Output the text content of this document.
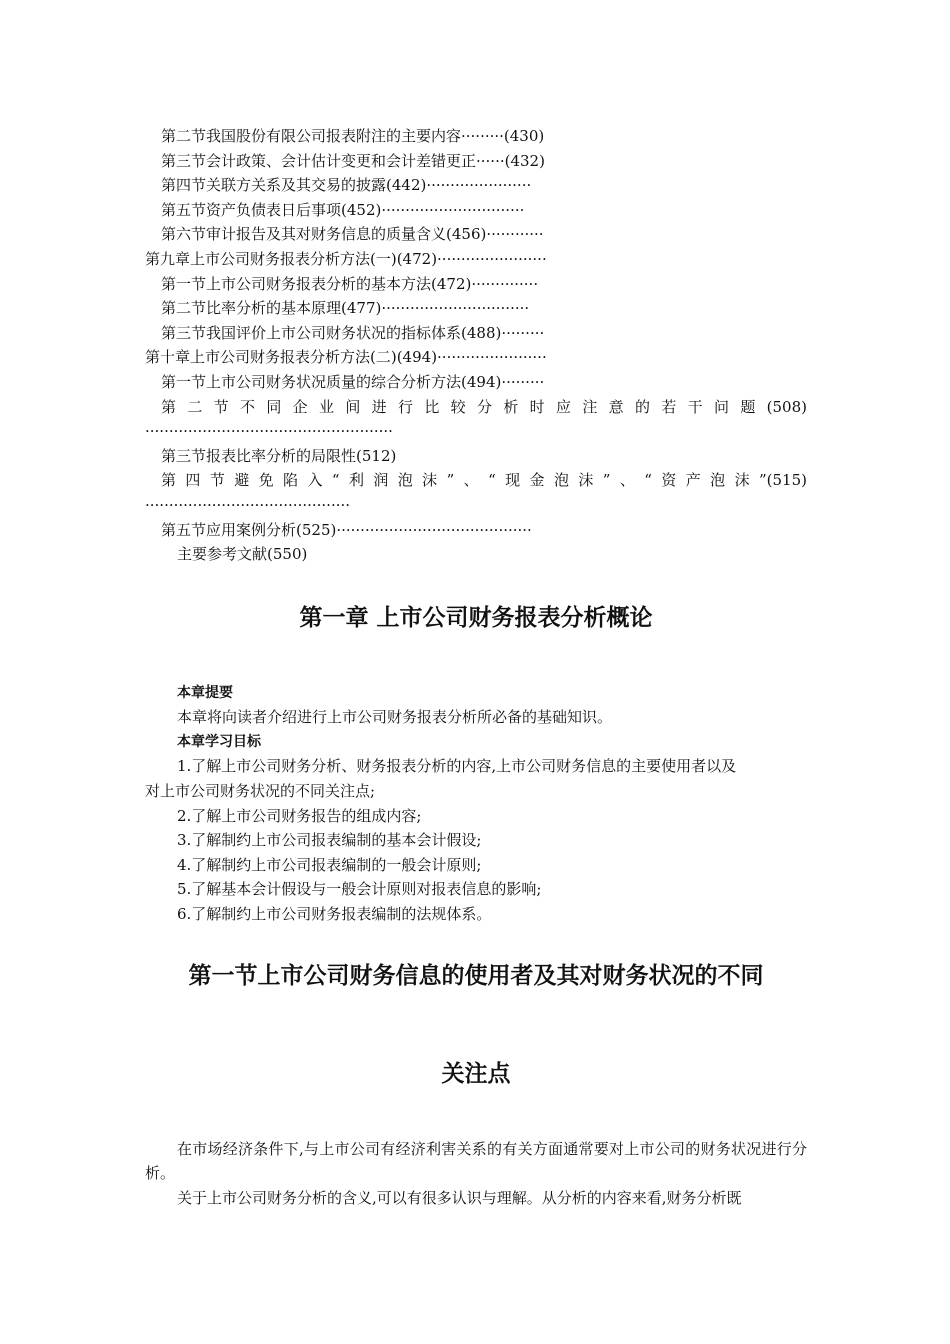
第二节我国股份有限公司报表附注的主要内容·········(430)
第三节会计政策、会计估计变更和会计差错更正······(432)
第四节关联方关系及其交易的披露(442)······················
第五节资产负债表日后事项(452)······························
第六节审计报告及其对财务信息的质量含义(456)············
第九章上市公司财务报表分析方法(一)(472)·······················
第一节上市公司财务报表分析的基本方法(472)··············
第二节比率分析的基本原理(477)·······························
第三节我国评价上市公司财务状况的指标体系(488)·········
第十章上市公司财务报表分析方法(二)(494)·······················
第一节上市公司财务状况质量的综合分析方法(494)·········
第二节不同企业间进行比较分析时应注意的若干问题(508)
····················································
第三节报表比率分析的局限性(512)
第四节避免陷入“利润泡沫”、“现金泡沫”、“资产泡沫”(515)
···········································
第五节应用案例分析(525)·········································
主要参考文献(550)
第一章 上市公司财务报表分析概论
本章提要
本章将向读者介绍进行上市公司财务报表分析所必备的基础知识。
本章学习目标
1.了解上市公司财务分析、财务报表分析的内容,上市公司财务信息的主要使用者以及
对上市公司财务状况的不同关注点;
2.了解上市公司财务报告的组成内容;
3.了解制约上市公司报表编制的基本会计假设;
4.了解制约上市公司报表编制的一般会计原则;
5.了解基本会计假设与一般会计原则对报表信息的影响;
6.了解制约上市公司财务报表编制的法规体系。
第一节上市公司财务信息的使用者及其对财务状况的不同
关注点
在市场经济条件下,与上市公司有经济利害关系的有关方面通常要对上市公司的财务状况进行分析。
关于上市公司财务分析的含义,可以有很多认识与理解。从分析的内容来看,财务分析既
